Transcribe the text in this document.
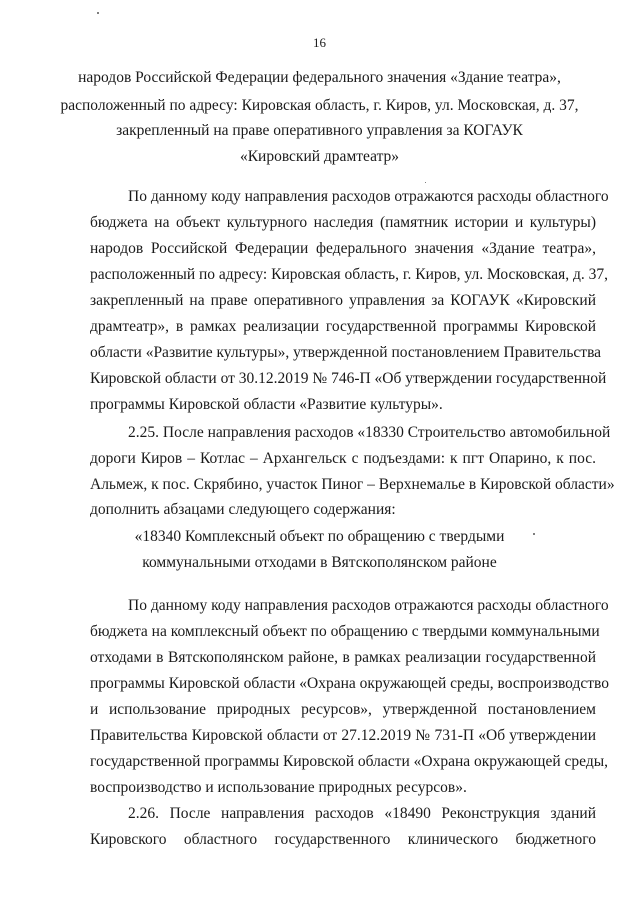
16
народов Российской Федерации федерального значения «Здание театра»,
расположенный по адресу: Кировская область, г. Киров, ул. Московская, д. 37,
закрепленный на праве оперативного управления за КОГАУК
«Кировский драмтеатр»
По данному коду направления расходов отражаются расходы областного
бюджета на объект культурного наследия (памятник истории и культуры)
народов Российской Федерации федерального значения «Здание театра»,
расположенный по адресу: Кировская область, г. Киров, ул. Московская, д. 37,
закрепленный на праве оперативного управления за КОГАУК «Кировский
драмтеатр», в рамках реализации государственной программы Кировской
области «Развитие культуры», утвержденной постановлением Правительства
Кировской области от 30.12.2019 № 746-П «Об утверждении государственной
программы Кировской области «Развитие культуры».
2.25. После направления расходов «18330 Строительство автомобильной
дороги Киров – Котлас – Архангельск с подъездами: к пгт Опарино, к пос.
Альмеж, к пос. Скрябино, участок Пиног – Верхнемалье в Кировской области»
дополнить абзацами следующего содержания:
«18340 Комплексный объект по обращению с твердыми
коммунальными отходами в Вятскополянском районе
По данному коду направления расходов отражаются расходы областного
бюджета на комплексный объект по обращению с твердыми коммунальными
отходами в Вятскополянском районе, в рамках реализации государственной
программы Кировской области «Охрана окружающей среды, воспроизводство
и использование природных ресурсов», утвержденной постановлением
Правительства Кировской области от 27.12.2019 № 731-П «Об утверждении
государственной программы Кировской области «Охрана окружающей среды,
воспроизводство и использование природных ресурсов».
2.26. После направления расходов «18490 Реконструкция зданий
Кировского областного государственного клинического бюджетного
